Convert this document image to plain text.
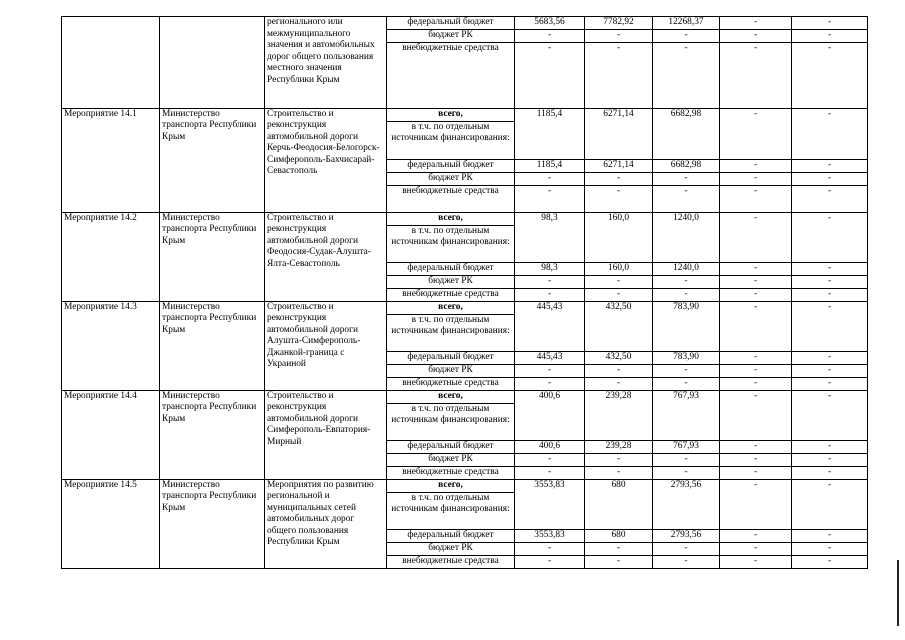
		регионального или межмуниципального значения и автомобильных дорог общего пользования местного значения Республики Крым	федеральный бюджет	5683,56	7782,92	12268,37	-	-
			бюджет РК	-	-	-	-	-
			внебюджетные средства	-	-	-	-	-
Мероприятие 14.1	Министерство транспорта Республики Крым	Строительство и реконструкция автомобильной дороги Керчь-Феодосия-Белогорск-Симферополь-Бахчисарай-Севастополь	всего,	1185,4	6271,14	6682,98	-	-
			в т.ч. по отдельным источникам финансирования:					
			федеральный бюджет	1185,4	6271,14	6682,98	-	-
			бюджет РК	-	-	-	-	-
			внебюджетные средства	-	-	-	-	-
Мероприятие 14.2	Министерство транспорта Республики Крым	Строительство и реконструкция автомобильной дороги Феодосия-Судак-Алушта-Ялта-Севастополь	всего,	98,3	160,0	1240,0	-	-
			в т.ч. по отдельным источникам финансирования:					
			федеральный бюджет	98,3	160,0	1240,0	-	-
			бюджет РК	-	-	-	-	-
			внебюджетные средства	-	-	-	-	-
Мероприятие 14.3	Министерство транспорта Республики Крым	Строительство и реконструкция автомобильной дороги Алушта-Симферополь-Джанкой-граница с Украиной	всего,	445,43	432,50	783,90	-	-
			в т.ч. по отдельным источникам финансирования:					
			федеральный бюджет	445,43	432,50	783,90	-	-
			бюджет РК	-	-	-	-	-
			внебюджетные средства	-	-	-	-	-
Мероприятие 14.4	Министерство транспорта Республики Крым	Строительство и реконструкция автомобильной дороги Симферополь-Евпатория-Мирный	всего,	400,6	239,28	767,93	-	-
			в т.ч. по отдельным источникам финансирования:					
			федеральный бюджет	400,6	239,28	767,93	-	-
			бюджет РК	-	-	-	-	-
			внебюджетные средства	-	-	-	-	-
Мероприятие 14.5	Министерство транспорта Республики Крым	Мероприятия по развитию региональной и муниципальных сетей автомобильных дорог общего пользования Республики Крым	всего,	3553,83	680	2793,56	-	-
			в т.ч. по отдельным источникам финансирования:					
			федеральный бюджет	3553,83	680	2793,56	-	-
			бюджет РК	-	-	-	-	-
			внебюджетные средства	-	-	-	-	-
